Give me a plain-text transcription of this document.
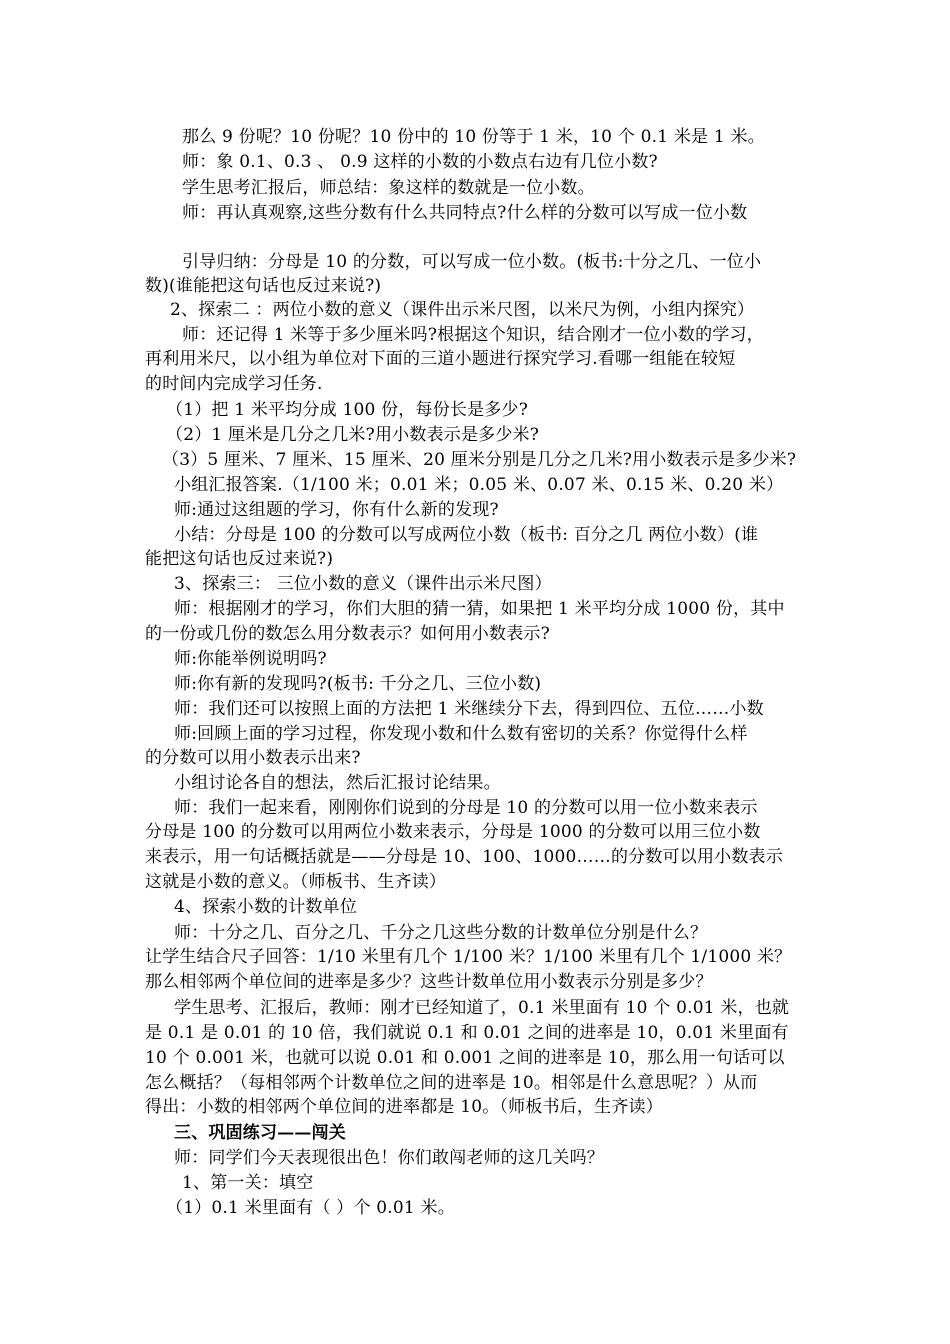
那么 9 份呢？10 份呢？10 份中的 10 份等于 1 米，10 个 0.1 米是 1 米。
师：象 0.1、0.3 、 0.9 这样的小数的小数点右边有几位小数?
学生思考汇报后，师总结：象这样的数就是一位小数。
师：再认真观察,这些分数有什么共同特点?什么样的分数可以写成一位小数
引导归纳：分母是 10 的分数，可以写成一位小数。(板书:十分之几、一位小
数)(谁能把这句话也反过来说?)
2、探索二 ：两位小数的意义（课件出示米尺图，以米尺为例，小组内探究）
师：还记得 1 米等于多少厘米吗?根据这个知识，结合刚才一位小数的学习，
再利用米尺，以小组为单位对下面的三道小题进行探究学习.看哪一组能在较短
的时间内完成学习任务.
（1）把 1 米平均分成 100 份，每份长是多少?
（2）1 厘米是几分之几米?用小数表示是多少米?
（3）5 厘米、7 厘米、15 厘米、20 厘米分别是几分之几米?用小数表示是多少米?
小组汇报答案.（1/100 米；0.01 米；0.05 米、0.07 米、0.15 米、0.20 米）
师:通过这组题的学习，你有什么新的发现?
小结：分母是 100 的分数可以写成两位小数（板书: 百分之几 两位小数）(谁
能把这句话也反过来说?)
3、探索三： 三位小数的意义（课件出示米尺图）
师：根据刚才的学习，你们大胆的猜一猜，如果把 1 米平均分成 1000 份，其中
的一份或几份的数怎么用分数表示？如何用小数表示?
师:你能举例说明吗?
师:你有新的发现吗?(板书: 千分之几、三位小数)
师：我们还可以按照上面的方法把 1 米继续分下去，得到四位、五位……小数
师:回顾上面的学习过程，你发现小数和什么数有密切的关系？你觉得什么样
的分数可以用小数表示出来?
小组讨论各自的想法，然后汇报讨论结果。
师：我们一起来看，刚刚你们说到的分母是 10 的分数可以用一位小数来表示
分母是 100 的分数可以用两位小数来表示，分母是 1000 的分数可以用三位小数
来表示，用一句话概括就是——分母是 10、100、1000……的分数可以用小数表示
这就是小数的意义。（师板书、生齐读）
4、探索小数的计数单位
师：十分之几、百分之几、千分之几这些分数的计数单位分别是什么？
让学生结合尺子回答：1/10 米里有几个 1/100 米？1/100 米里有几个 1/1000 米？
那么相邻两个单位间的进率是多少？这些计数单位用小数表示分别是多少？
学生思考、汇报后，教师：刚才已经知道了，0.1 米里面有 10 个 0.01 米，也就
是 0.1 是 0.01 的 10 倍，我们就说 0.1 和 0.01 之间的进率是 10，0.01 米里面有
10 个 0.001 米，也就可以说 0.01 和 0.001 之间的进率是 10，那么用一句话可以
怎么概括？（每相邻两个计数单位之间的进率是 10。相邻是什么意思呢？）从而
得出：小数的相邻两个单位间的进率都是 10。（师板书后，生齐读）
三、巩固练习——闯关
师：同学们今天表现很出色！你们敢闯老师的这几关吗？
1、第一关：填空
（1）0.1 米里面有（ ）个 0.01 米。
